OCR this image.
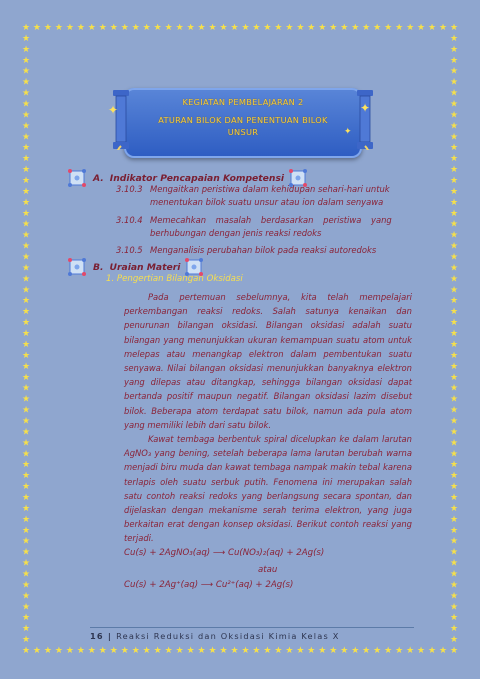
★
★
★
★
★
★
★
★
★
★
★
★
★
★
★
★
★
★
★
★
★
★
★
★
★
★
★
★
★
★
★
★
★
★
★
★
★
★
★
★
★
★
★
★
★
★
★
★
★
★
★
★
★
★
★
★
★
★
★
★
★
★
★
★
★
★
★
★
★
★
★
★
★
★
★
★
★
★
★
★
★	★
★	★
★	★
★	★
★	★
★	★
★	★
★	★
★	★
★	★
★	★
★	★
★	★
★	★
★	★
★	★
★	★
★	★
★	★
★	★
★	★
★	★
★	★
★	★
★	★
★	★
★	★
★	★
★	★
★	★
★	★
★	★
★	★
★	★
★	★
★	★
★	★
★	★
★	★
★	★
★	★
★	★
★	★
★	★
★	★
★	★
★	★
★	★
★	★
★	★
★	★
★	★
★	★
★	★
★	★
★	★
✦	✦
✦
KEGIATAN PEMBELAJARAN 2
ATURAN BILOK DAN PENENTUAN BILOK
UNSUR
A. Indikator Pencapaian Kompetensi
3.10.3 Mengaitkan peristiwa dalam kehidupan sehari-hari untuk
menentukan bilok suatu unsur atau ion dalam senyawa
3.10.4 Memecahkan masalah berdasarkan peristiwa yang
berhubungan dengan jenis reaksi redoks
3.10.5 Menganalisis perubahan bilok pada reaksi autoredoks
B. Uraian Materi
1. Pengertian Bilangan Oksidasi
Pada pertemuan sebelumnya, kita telah mempelajari perkembangan reaksi redoks. Salah satunya kenaikan dan penurunan bilangan oksidasi. Bilangan oksidasi adalah suatu bilangan yang menunjukkan ukuran kemampuan suatu atom untuk melepas atau menangkap elektron dalam pembentukan suatu senyawa. Nilai bilangan oksidasi menunjukkan banyaknya elektron yang dilepas atau ditangkap, sehingga bilangan oksidasi dapat bertanda positif maupun negatif. Bilangan oksidasi lazim disebut bilok. Beberapa atom terdapat satu bilok, namun ada pula atom yang memiliki lebih dari satu bilok.
Kawat tembaga berbentuk spiral dicelupkan ke dalam larutan AgNO₃ yang bening, setelah beberapa lama larutan berubah warna menjadi biru muda dan kawat tembaga nampak makin tebal karena terlapis oleh suatu serbuk putih. Fenomena ini merupakan salah satu contoh reaksi redoks yang berlangsung secara spontan, dan dijelaskan dengan mekanisme serah terima elektron, yang juga berkaitan erat dengan konsep oksidasi. Berikut contoh reaksi yang terjadi.
Cu(s) + 2AgNO₃(aq) ⟶ Cu(NO₃)₂(aq) + 2Ag(s)
atau
Cu(s) + 2Ag⁺(aq) ⟶ Cu²⁺(aq) + 2Ag(s)
16 | Reaksi Reduksi dan Oksidasi Kimia Kelas X
